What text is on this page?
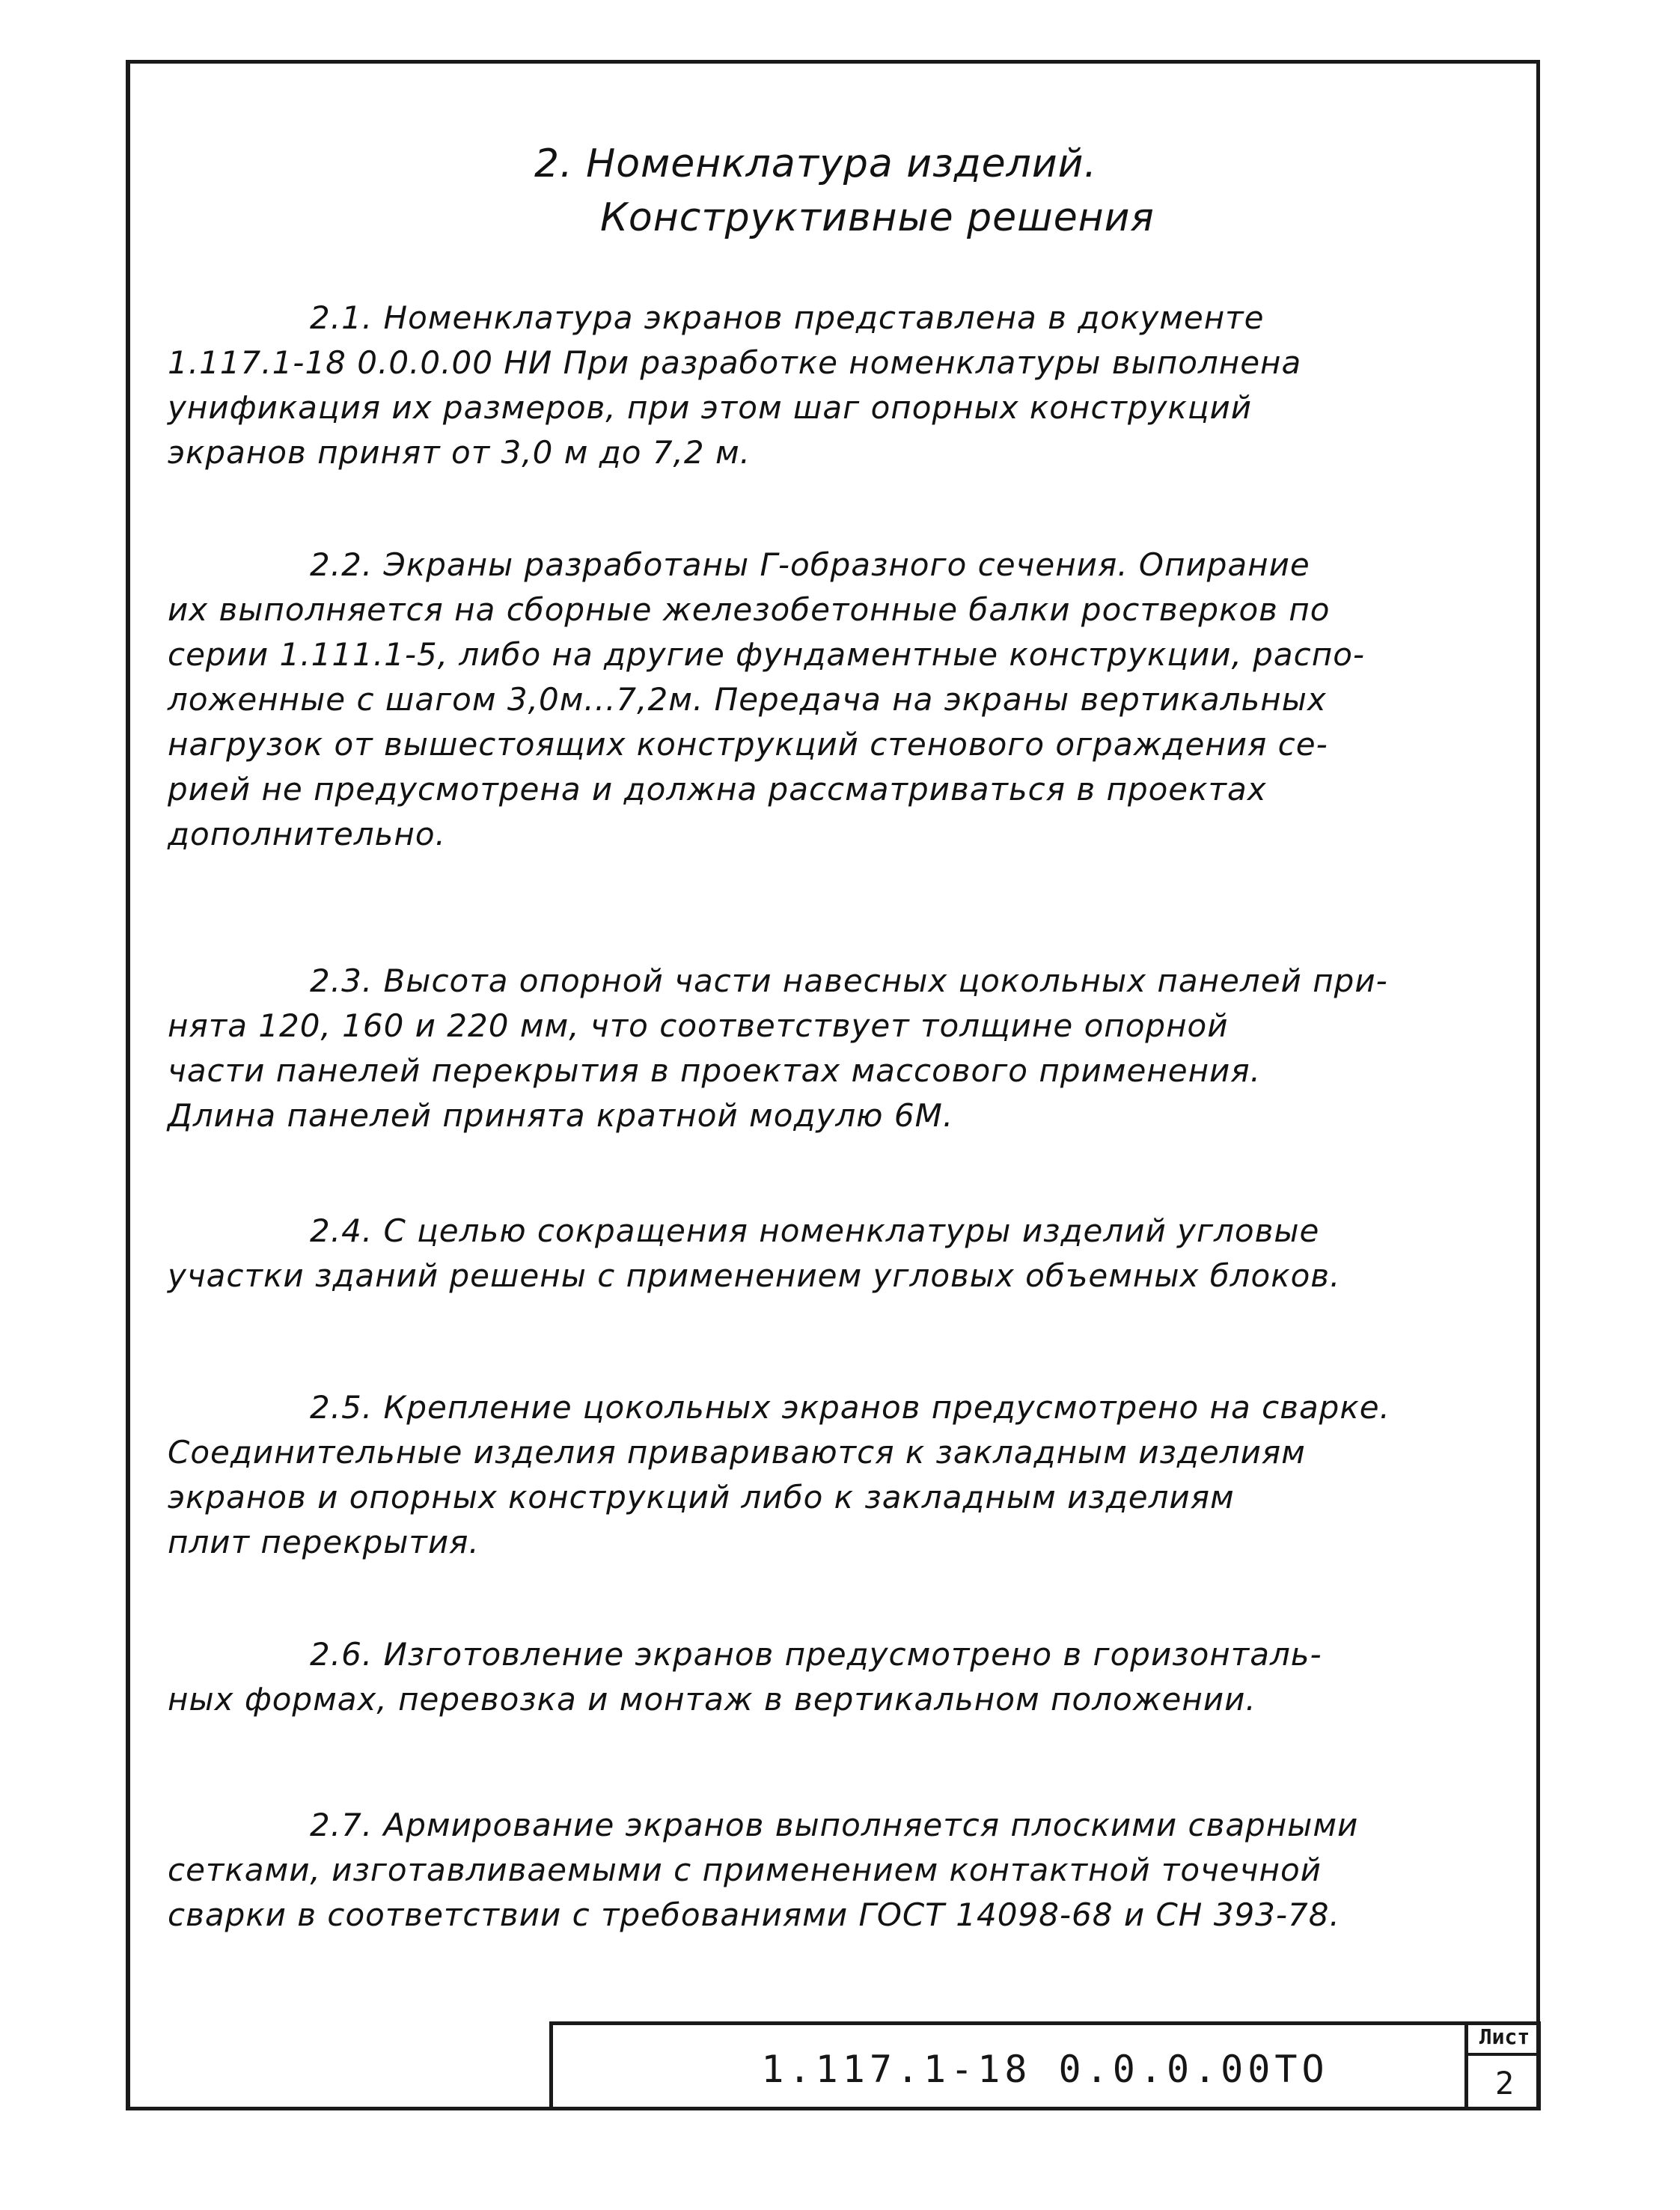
2. Номенклатура изделий.
Конструктивные решения
2.1. Номенклатура экранов представлена в документе
1.117.1-18 0.0.0.00 НИ При разработке номенклатуры выполнена
унификация их размеров, при этом шаг опорных конструкций
экранов принят от 3,0 м до 7,2 м.
2.2. Экраны разработаны Г-образного сечения. Опирание
их выполняется на сборные железобетонные балки ростверков по
серии 1.111.1-5, либо на другие фундаментные конструкции, распо-
ложенные с шагом 3,0м...7,2м. Передача на экраны вертикальных
нагрузок от вышестоящих конструкций стенового ограждения се-
рией не предусмотрена и должна рассматриваться в проектах
дополнительно.
2.3. Высота опорной части навесных цокольных панелей при-
нята 120, 160 и 220 мм, что соответствует толщине опорной
части панелей перекрытия в проектах массового применения.
Длина панелей принята кратной модулю 6М.
2.4. С целью сокращения номенклатуры изделий угловые
участки зданий решены с применением угловых объемных блоков.
2.5. Крепление цокольных экранов предусмотрено на сварке.
Соединительные изделия привариваются к закладным изделиям
экранов и опорных конструкций либо к закладным изделиям
плит перекрытия.
2.6. Изготовление экранов предусмотрено в горизонталь-
ных формах, перевозка и монтаж в вертикальном положении.
2.7. Армирование экранов выполняется плоскими сварными
сетками, изготавливаемыми с применением контактной точечной
сварки в соответствии с требованиями ГОСТ 14098-68 и СН 393-78.
1.117.1-18 0.0.0.00ТО
Лист
2
